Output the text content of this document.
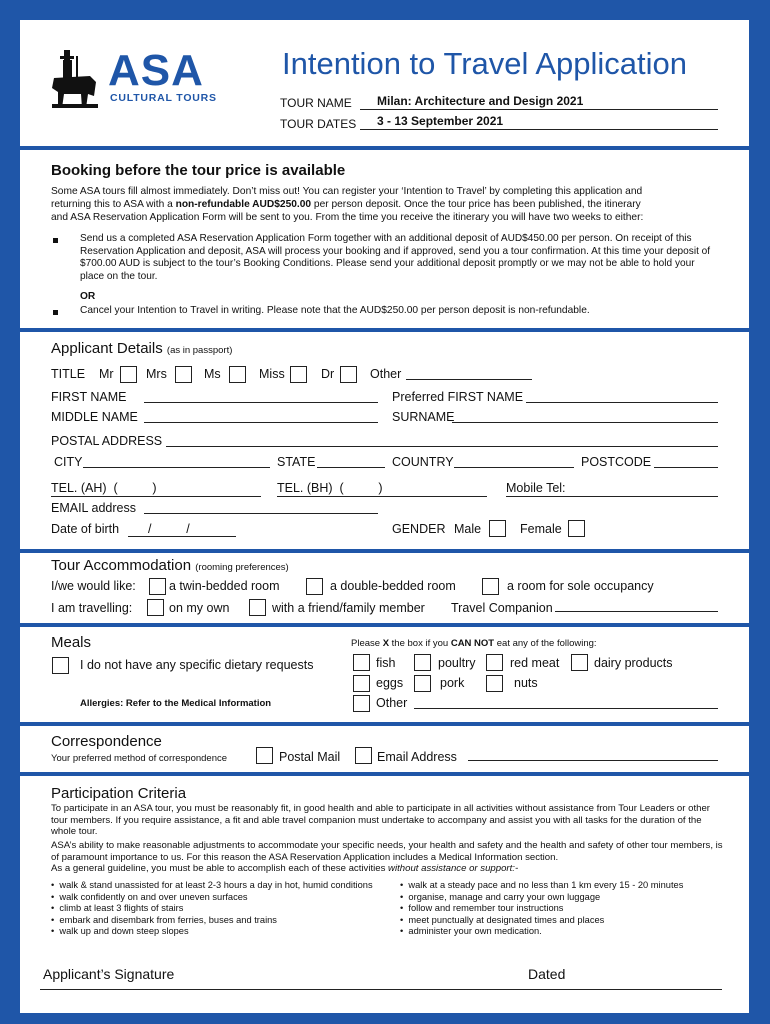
ASA
CULTURAL TOURS
Intention to Travel Application
TOUR NAME Milan: Architecture and Design 2021
TOUR DATES 3 - 13 September 2021
Booking before the tour price is available
Some ASA tours fill almost immediately. Don’t miss out! You can register your ‘Intention to Travel’ by completing this application and
returning this to ASA with a non-refundable AUD$250.00 per person deposit. Once the tour price has been published, the itinerary
and ASA Reservation Application Form will be sent to you. From the time you receive the itinerary you will have two weeks to either:
Send us a completed ASA Reservation Application Form together with an additional deposit of AUD$450.00 per person. On receipt of this Reservation Application and deposit, ASA will process your booking and if approved, send you a tour confirmation. At this time your deposit of $700.00 AUD is subject to the tour’s Booking Conditions. Please send your additional deposit promptly or we may not be able to hold your place on the tour.
OR
Cancel your Intention to Travel in writing. Please note that the AUD$250.00 per person deposit is non-refundable.
Applicant Details (as in passport)
TITLE Mr	Mrs	Ms	Miss	Dr	Other
FIRST NAME	Preferred FIRST NAME
MIDDLE NAME	SURNAME
POSTAL ADDRESS
CITY	STATE	COUNTRY	POSTCODE
TEL. (AH)  (          )	TEL. (BH)  (          )	Mobile Tel:
EMAIL address
Date of birth /          /	GENDER Male	Female
Tour Accommodation (rooming preferences)
I/we would like:	a twin-bedded room	a double-bedded room	a room for sole occupancy
I am travelling:	on my own	with a friend/family member Travel Companion
Meals
I do not have any specific dietary requests
Allergies: Refer to the Medical Information
Please X the box if you CAN NOT eat any of the following:
fish	poultry	red meat	dairy products
eggs	pork	nuts
Other
Correspondence
Your preferred method of correspondence	Postal Mail	Email Address
Participation Criteria
To participate in an ASA tour, you must be reasonably fit, in good health and able to participate in all activities without assistance from Tour Leaders or other tour members. If you require assistance, a fit and able travel companion must undertake to accompany and assist you with all tasks for the duration of the whole tour.
ASA’s ability to make reasonable adjustments to accommodate your specific needs, your health and safety and the health and safety of other tour members, is of paramount importance to us. For this reason the ASA Reservation Application includes a Medical Information section.
As a general guideline, you must be able to accomplish each of these activities without assistance or support:-
•  walk & stand unassisted for at least 2-3 hours a day in hot, humid conditions
•  walk confidently on and over uneven surfaces
•  climb at least 3 flights of stairs
•  embark and disembark from ferries, buses and trains
•  walk up and down steep slopes
•  walk at a steady pace and no less than 1 km every 15 - 20 minutes
•  organise, manage and carry your own luggage
•  follow and remember tour instructions
•  meet punctually at designated times and places
•  administer your own medication.
Applicant’s Signature	Dated
